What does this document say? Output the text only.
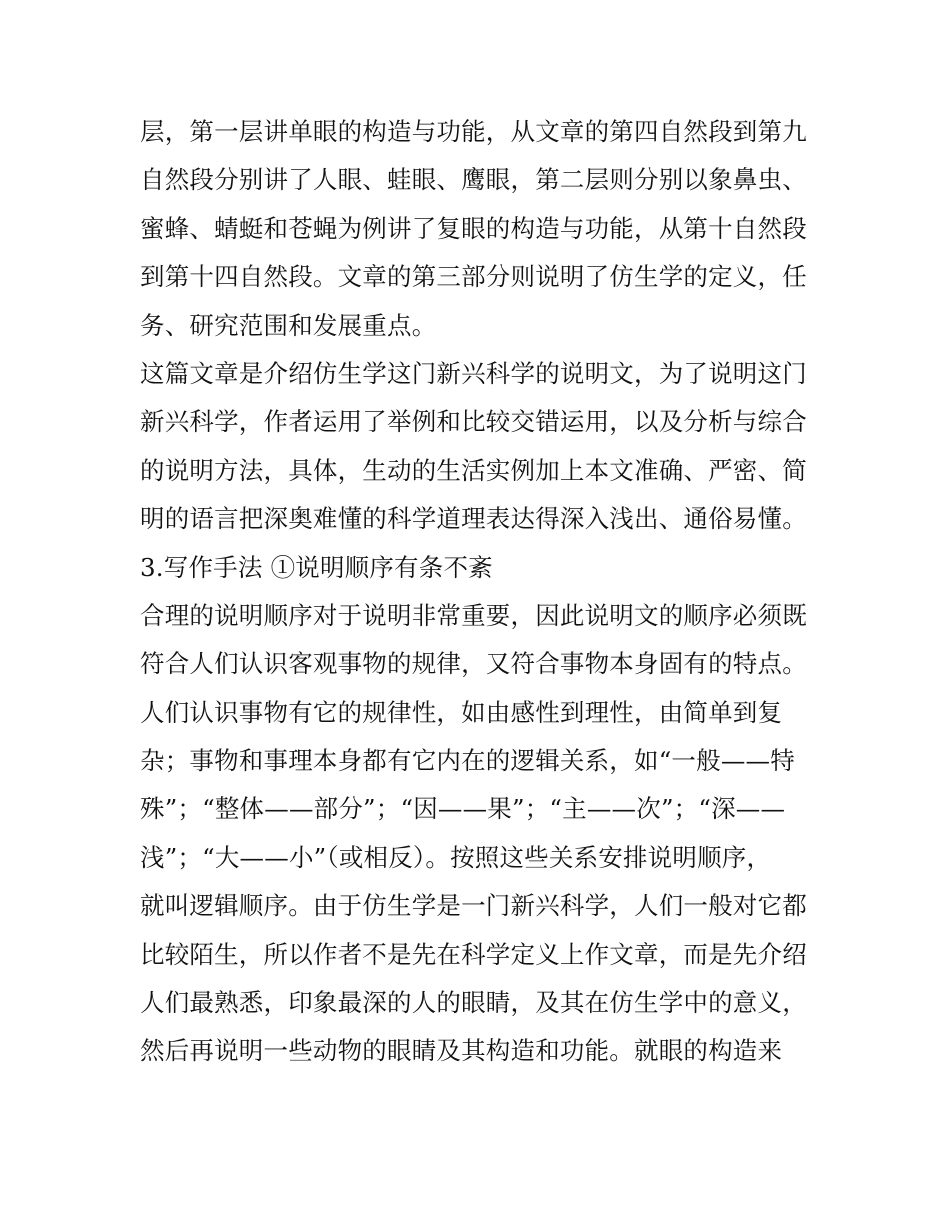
层，第一层讲单眼的构造与功能，从文章的第四自然段到第九
自然段分别讲了人眼、蛙眼、鹰眼，第二层则分别以象鼻虫、
蜜蜂、蜻蜓和苍蝇为例讲了复眼的构造与功能，从第十自然段
到第十四自然段。文章的第三部分则说明了仿生学的定义，任
务、研究范围和发展重点。
这篇文章是介绍仿生学这门新兴科学的说明文，为了说明这门
新兴科学，作者运用了举例和比较交错运用，以及分析与综合
的说明方法，具体，生动的生活实例加上本文准确、严密、简
明的语言把深奥难懂的科学道理表达得深入浅出、通俗易懂。
3.写作手法 ①说明顺序有条不紊
合理的说明顺序对于说明非常重要，因此说明文的顺序必须既
符合人们认识客观事物的规律，又符合事物本身固有的特点。
人们认识事物有它的规律性，如由感性到理性，由简单到复
杂；事物和事理本身都有它内在的逻辑关系，如“一般——特
殊”；“整体——部分”；“因——果”；“主——次”；“深——
浅”；“大——小”（或相反）。按照这些关系安排说明顺序，
就叫逻辑顺序。由于仿生学是一门新兴科学，人们一般对它都
比较陌生，所以作者不是先在科学定义上作文章，而是先介绍
人们最熟悉，印象最深的人的眼睛，及其在仿生学中的意义，
然后再说明一些动物的眼睛及其构造和功能。就眼的构造来
